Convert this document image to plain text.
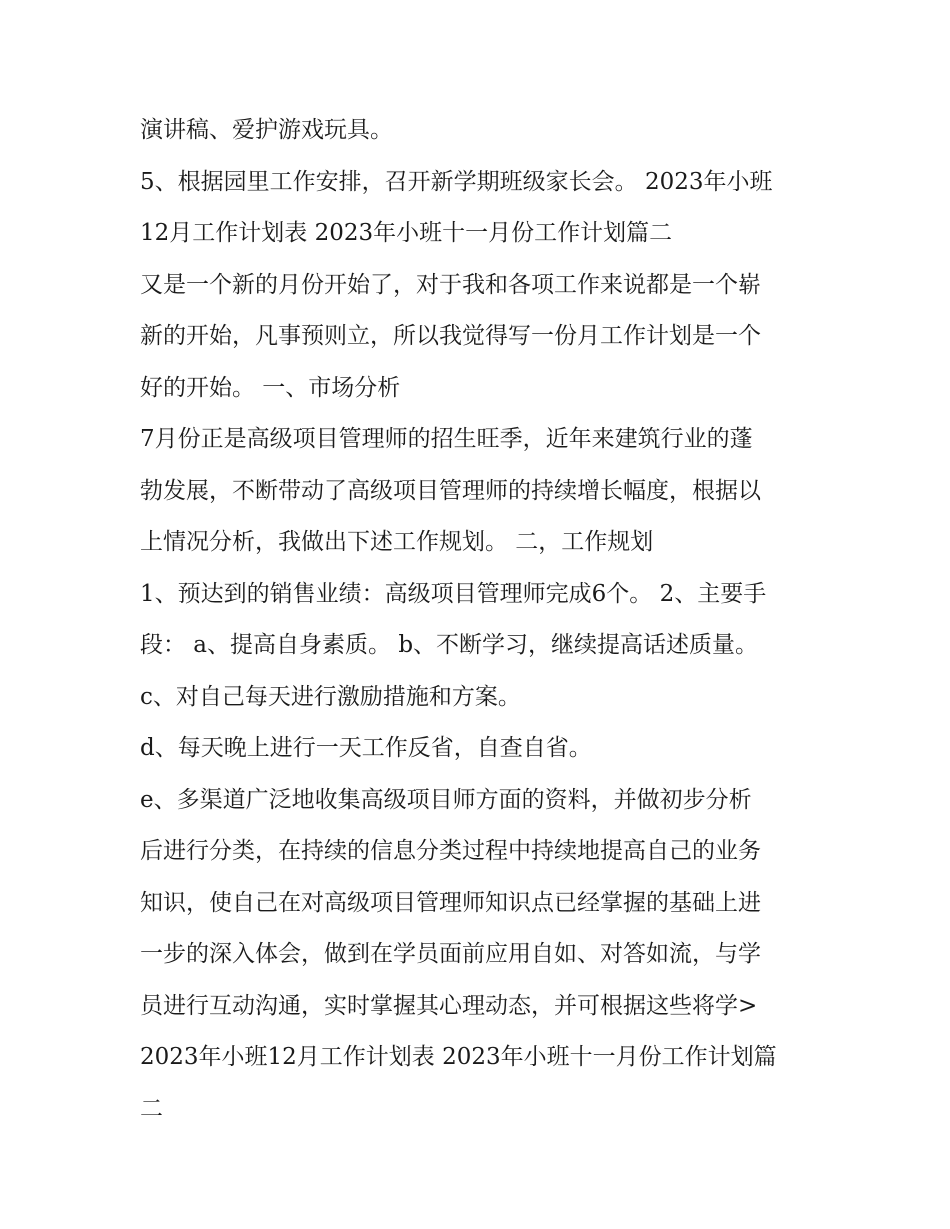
演讲稿、爱护游戏玩具。
5、根据园里工作安排，召开新学期班级家长会。 2023年小班
12月工作计划表 2023年小班十一月份工作计划篇二
又是一个新的月份开始了，对于我和各项工作来说都是一个崭
新的开始，凡事预则立，所以我觉得写一份月工作计划是一个
好的开始。 一、市场分析
7月份正是高级项目管理师的招生旺季，近年来建筑行业的蓬
勃发展，不断带动了高级项目管理师的持续增长幅度，根据以
上情况分析，我做出下述工作规划。 二，工作规划
1、预达到的销售业绩：高级项目管理师完成6个。 2、主要手
段： a、提高自身素质。 b、不断学习，继续提高话述质量。
c、对自己每天进行激励措施和方案。
d、每天晚上进行一天工作反省，自查自省。
e、多渠道广泛地收集高级项目师方面的资料，并做初步分析
后进行分类，在持续的信息分类过程中持续地提高自己的业务
知识，使自己在对高级项目管理师知识点已经掌握的基础上进
一步的深入体会，做到在学员面前应用自如、对答如流，与学
员进行互动沟通，实时掌握其心理动态，并可根据这些将学>
2023年小班12月工作计划表 2023年小班十一月份工作计划篇
二
